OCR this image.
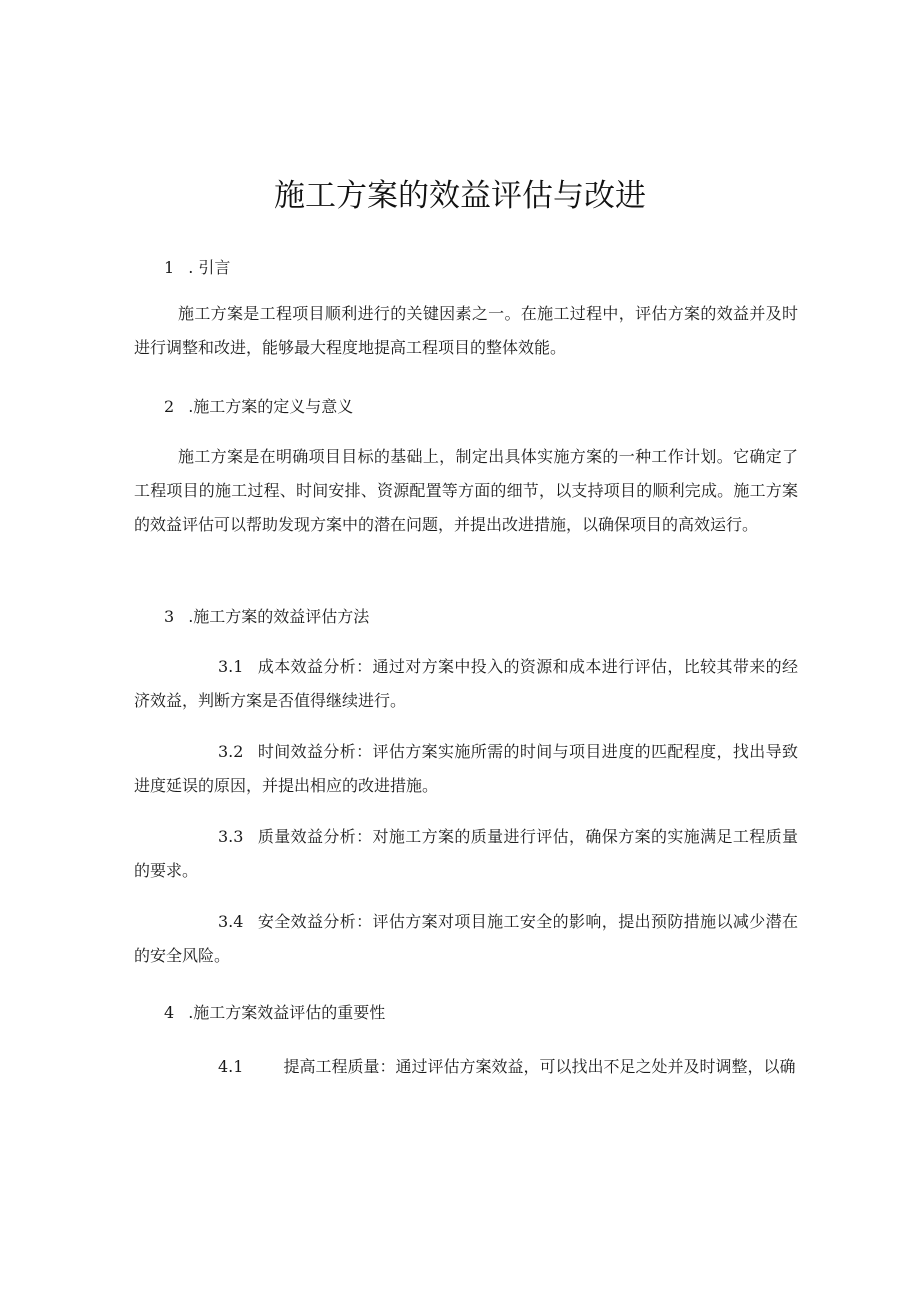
施工方案的效益评估与改进
1 . 引言

施工方案是工程项目顺利进行的关键因素之一。在施工过程中，评估方案的效益并及时进行调整和改进，能够最大程度地提高工程项目的整体效能。

2 .施工方案的定义与意义

施工方案是在明确项目目标的基础上，制定出具体实施方案的一种工作计划。它确定了工程项目的施工过程、时间安排、资源配置等方面的细节，以支持项目的顺利完成。施工方案的效益评估可以帮助发现方案中的潜在问题，并提出改进措施，以确保项目的高效运行。

3 .施工方案的效益评估方法

3.1 成本效益分析：通过对方案中投入的资源和成本进行评估，比较其带来的经济效益，判断方案是否值得继续进行。

3.2 时间效益分析：评估方案实施所需的时间与项目进度的匹配程度，找出导致进度延误的原因，并提出相应的改进措施。

3.3 质量效益分析：对施工方案的质量进行评估，确保方案的实施满足工程质量的要求。

3.4 安全效益分析：评估方案对项目施工安全的影响，提出预防措施以减少潜在的安全风险。

4 .施工方案效益评估的重要性

4.1	提高工程质量：通过评估方案效益，可以找出不足之处并及时调整，以确
